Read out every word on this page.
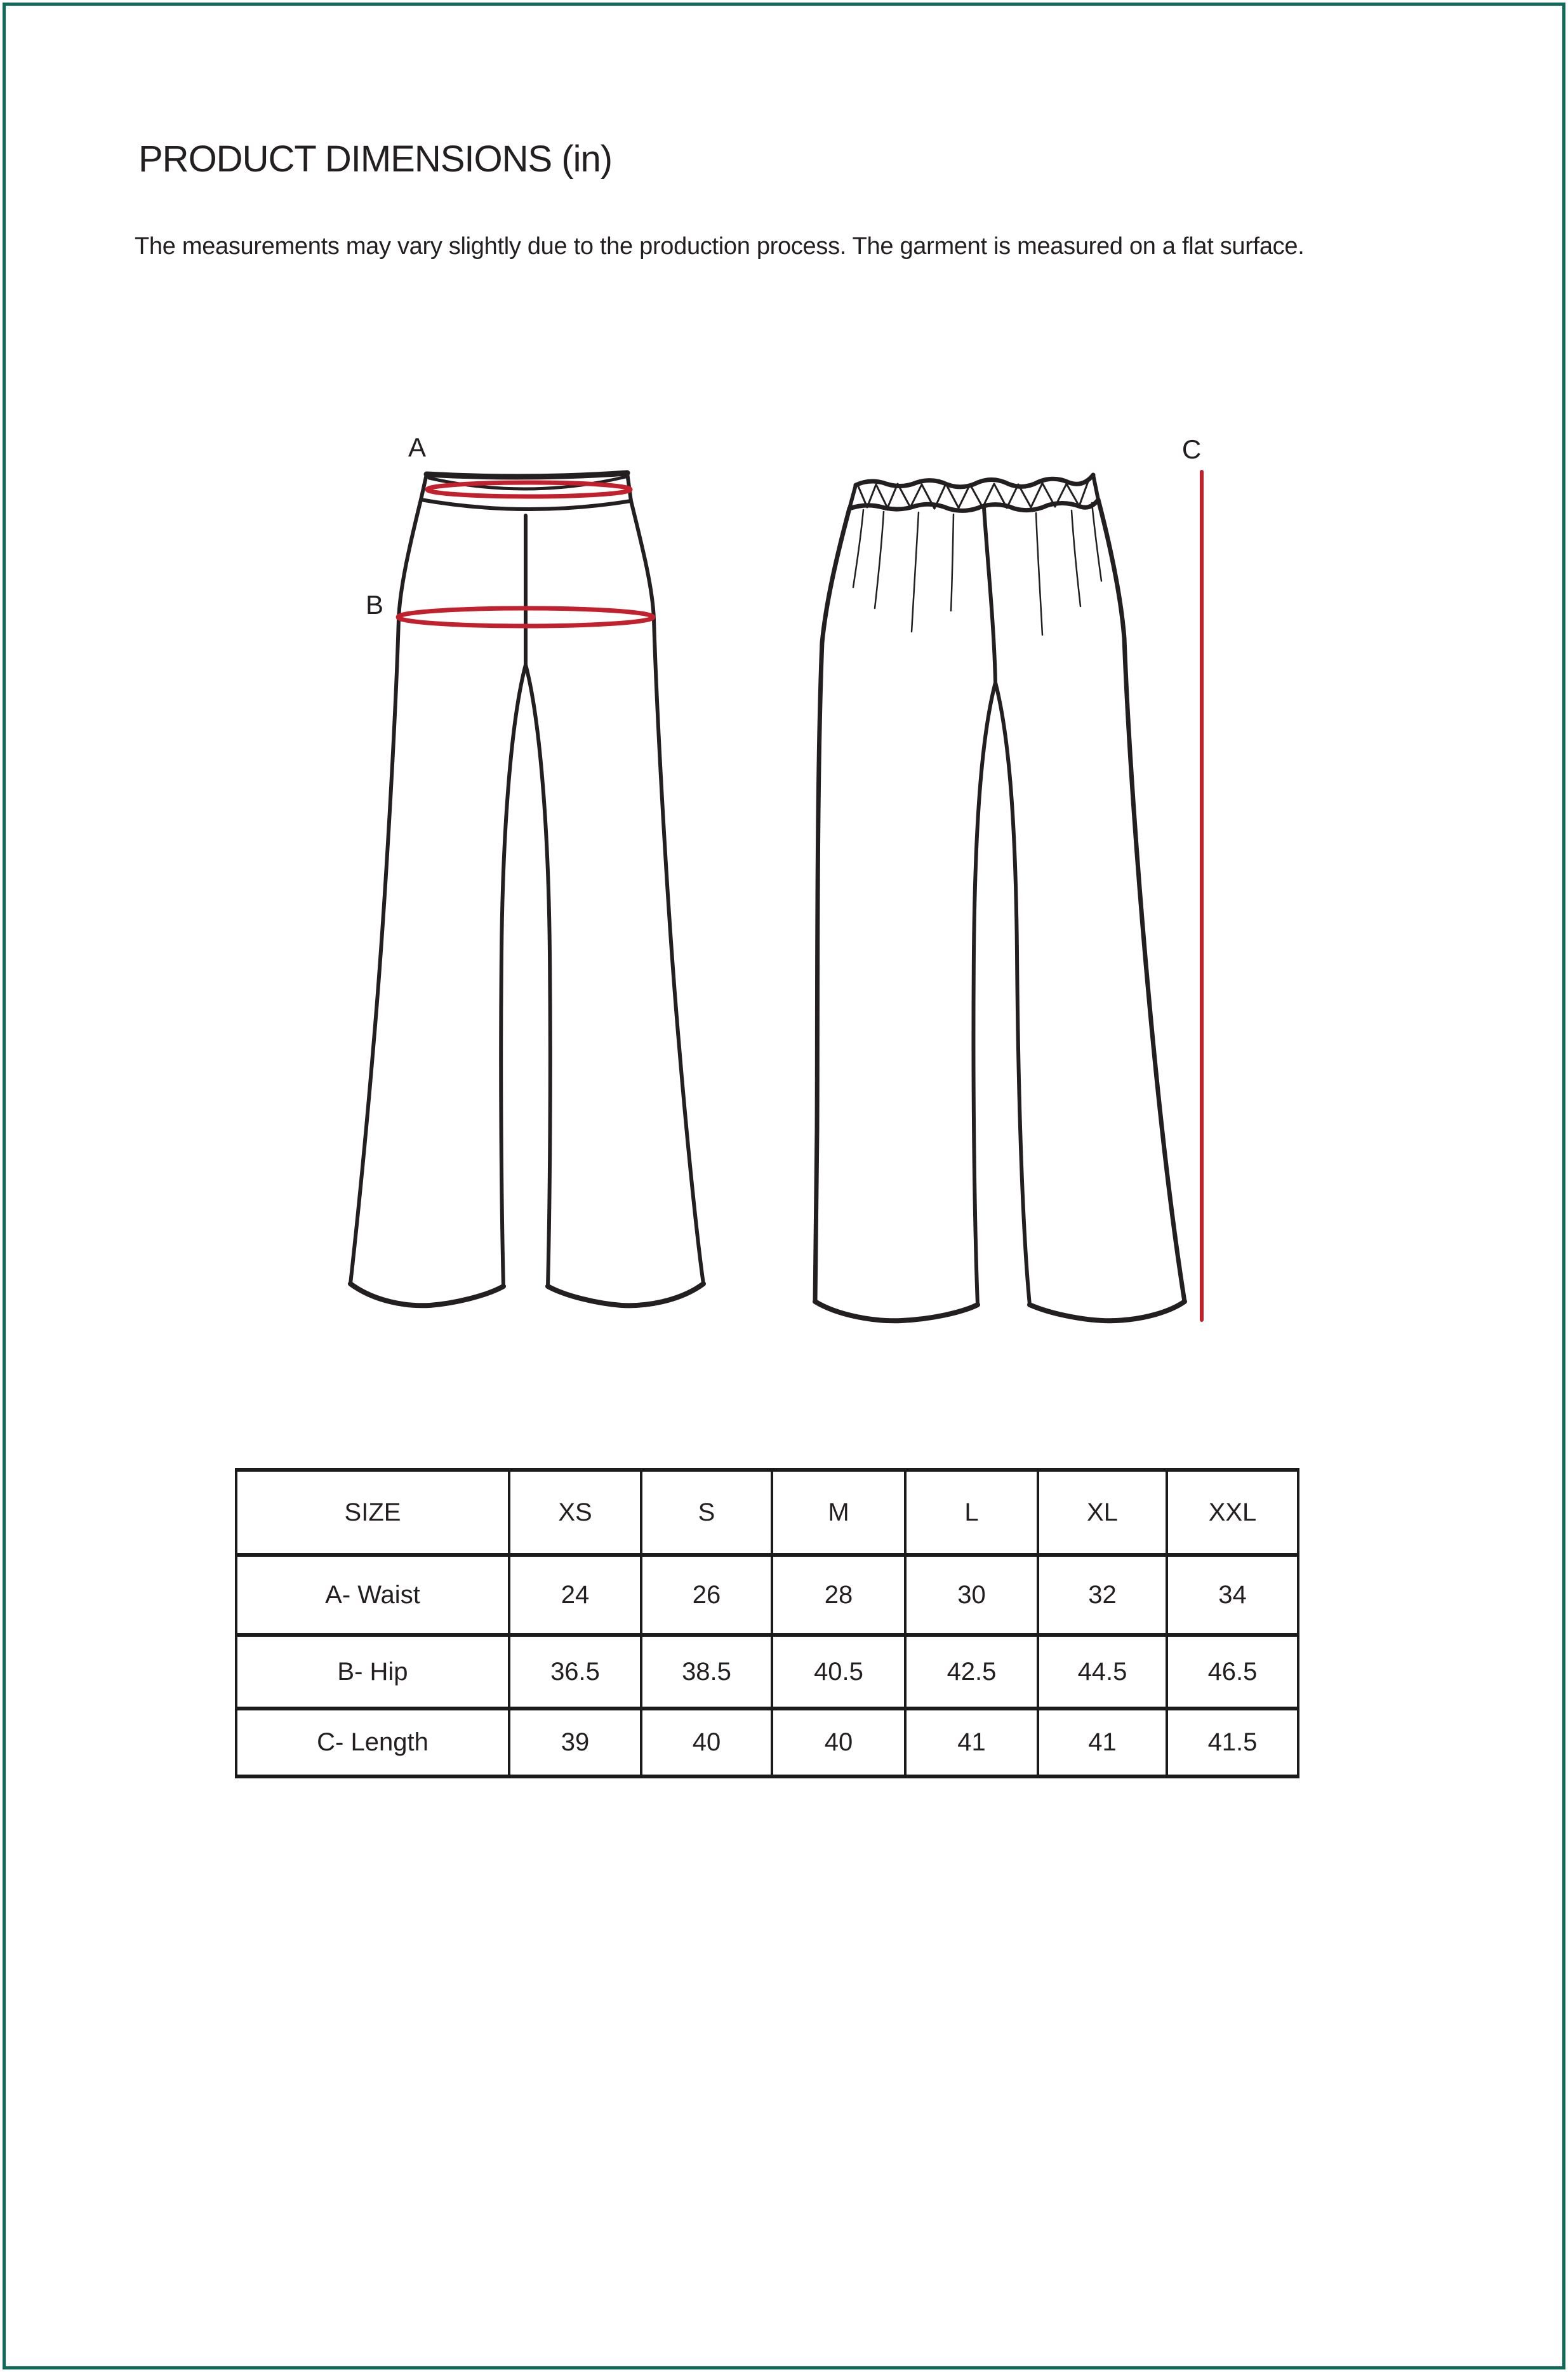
PRODUCT DIMENSIONS (in)
The measurements may vary slightly due to the production process. The garment is measured on a flat surface.
A
B
C
SIZE	XS	S	M	L	XL	XXL
A- Waist	24	26	28	30	32	34
B- Hip	36.5	38.5	40.5	42.5	44.5	46.5
C- Length	39	40	40	41	41	41.5
